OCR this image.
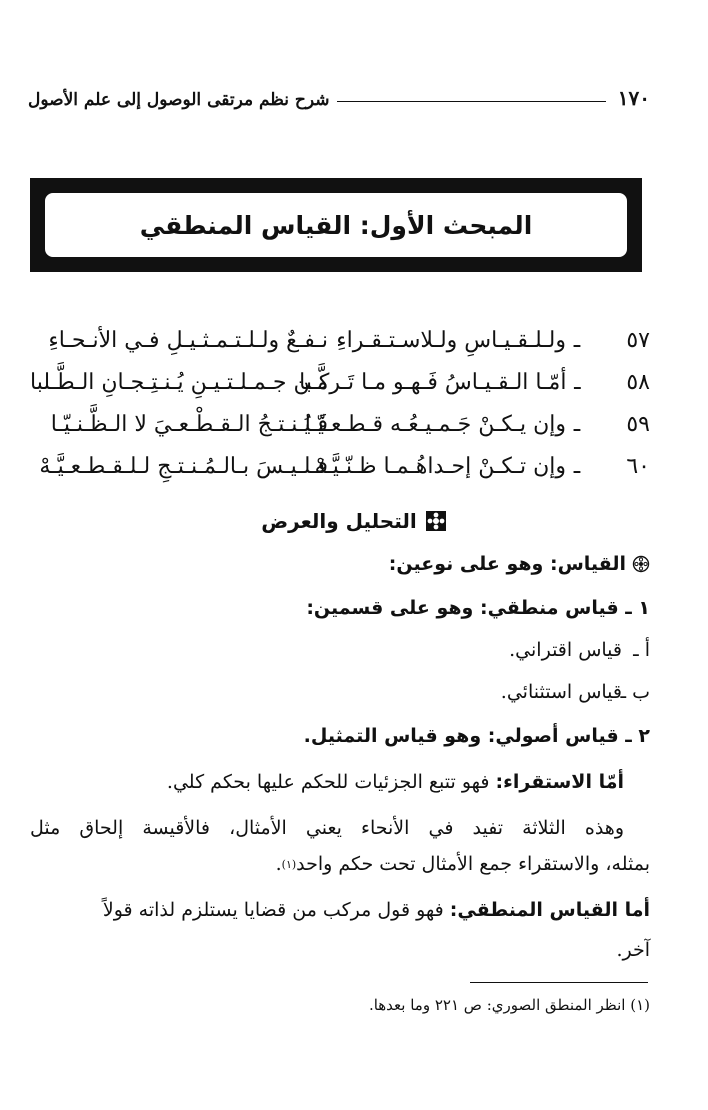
١٧٠
شرح نظم مرتقى الوصول إلى علم الأصول
المبحث الأول: القياس المنطقي
٥٧
ـ
ولـلـقـيـاسِ ولـلاسـتـقـراءِ
نـفـعٌ ولـلـتـمـثـيـلِ فـي الأنـحـاءِ
٥٨
ـ
أمّـا الـقـيـاسُ فَـهـو مـا تَـركَّـبا
مـن جـمـلـتـيـنِ يُـنـتِـجـانِ الـطَّـلبا
٥٩
ـ
وإن يـكـنْ جَـمـيـعُـه قـطـعـيّـا
فَـيُـنـتـجُ الـقـطْـعـيَ لا الـظَّـنـيّـا
٦٠
ـ
وإن تـكـنْ إحـداهُـمـا ظـنّـيَّـهْ
فـلـيـسَ بـالـمُـنـتـجِ لـلـقـطـعـيَّـهْ
التحليل والعرض
القياس: وهو على نوعين:
١ ـ قياس منطقي: وهو على قسمين:
أ ـ
قياس اقتراني.
ب ـ
قياس استثنائي.
٢ ـ قياس أصولي: وهو قياس التمثيل.
أمّا الاستقراء:

فهو تتبع الجزئيات للحكم عليها بحكم كلي.
وهذه الثلاثة تفيد في الأنحاء يعني الأمثال، فالأقيسة إلحاق مثل
بمثله، والاستقراء جمع الأمثال تحت حكم واحد
(١)
.
أما القياس المنطقي:

فهو قول مركب من قضايا يستلزم لذاته قولاً
آخر.
(١) انظر المنطق الصوري: ص ٢٢١ وما بعدها.
